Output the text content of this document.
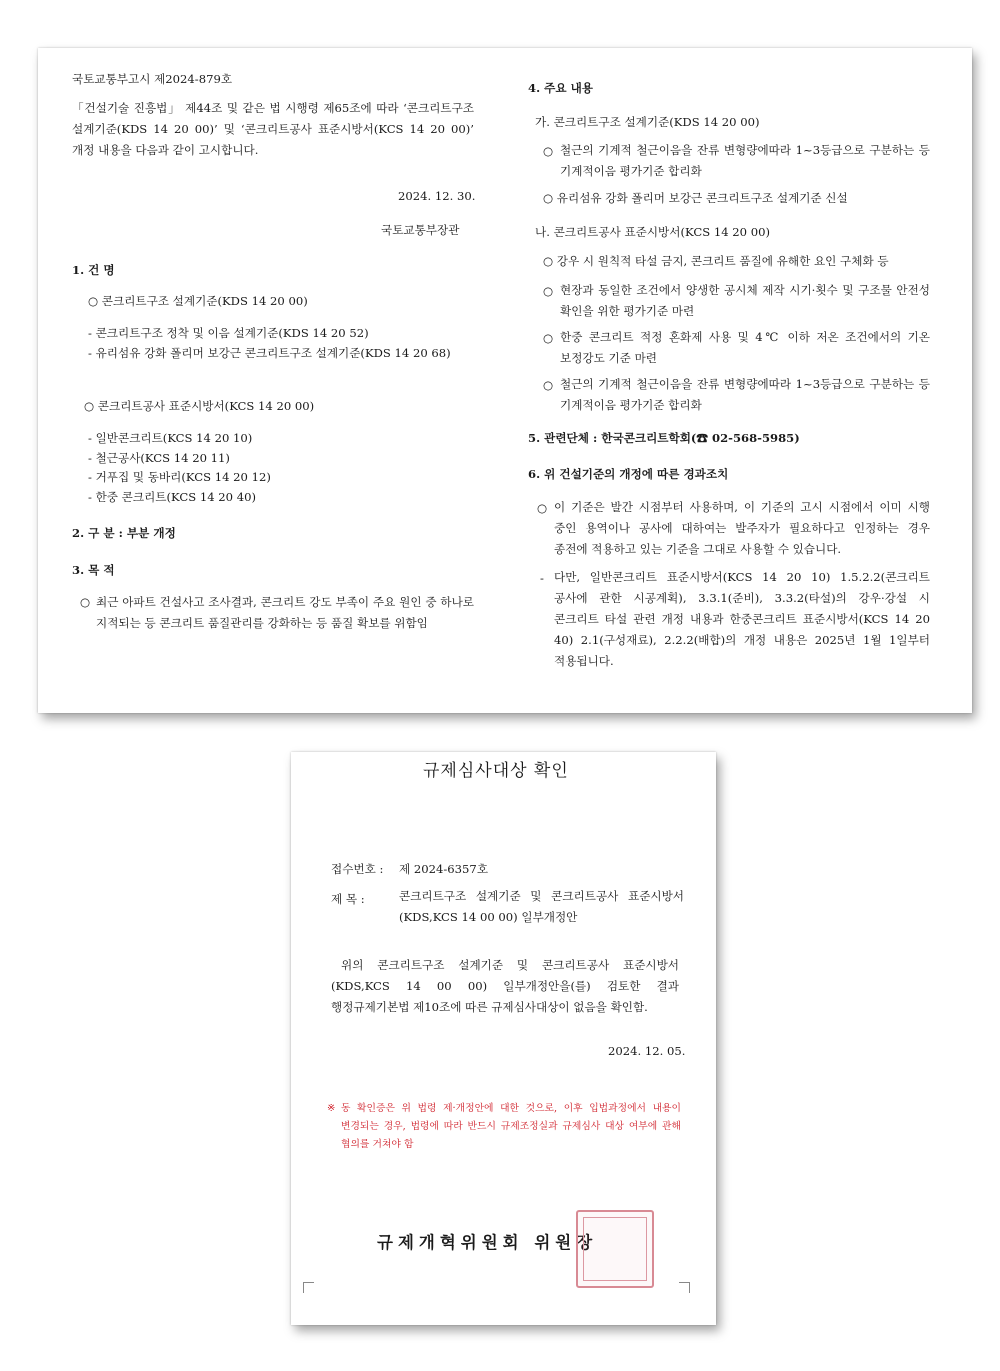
국토교통부고시 제2024-879호
「건설기술 진흥법」 제44조 및 같은 법 시행령 제65조에 따라 ‘콘크리트구조 설계기준(KDS 14 20 00)’ 및 ‘콘크리트공사 표준시방서(KCS 14 20 00)’ 개정 내용을 다음과 같이 고시합니다.
2024. 12. 30.
국토교통부장관
1. 건 명
○ 콘크리트구조 설계기준(KDS 14 20 00)
- 콘크리트구조 정착 및 이음 설계기준(KDS 14 20 52)
- 유리섬유 강화 폴리머 보강근 콘크리트구조 설계기준(KDS 14 20 68)
○ 콘크리트공사 표준시방서(KCS 14 20 00)
- 일반콘크리트(KCS 14 20 10)
- 철근공사(KCS 14 20 11)
- 거푸집 및 동바리(KCS 14 20 12)
- 한중 콘크리트(KCS 14 20 40)
2. 구 분 : 부분 개정
3. 목 적
○ 최근 아파트 건설사고 조사결과, 콘크리트 강도 부족이 주요 원인 중 하나로 지적되는 등 콘크리트 품질관리를 강화하는 등 품질 확보를 위함임
4. 주요 내용
가. 콘크리트구조 설계기준(KDS 14 20 00)
○ 철근의 기계적 철근이음을 잔류 변형량에따라 1~3등급으로 구분하는 등 기계적이음 평가기준 합리화
○ 유리섬유 강화 폴리머 보강근 콘크리트구조 설계기준 신설
나. 콘크리트공사 표준시방서(KCS 14 20 00)
○ 강우 시 원칙적 타설 금지, 콘크리트 품질에 유해한 요인 구체화 등
○ 현장과 동일한 조건에서 양생한 공시체 제작 시기·횟수 및 구조물 안전성 확인을 위한 평가기준 마련
○ 한중 콘크리트 적정 혼화제 사용 및 4℃ 이하 저온 조건에서의 기온 보정강도 기준 마련
○ 철근의 기계적 철근이음을 잔류 변형량에따라 1~3등급으로 구분하는 등 기계적이음 평가기준 합리화
5. 관련단체 : 한국콘크리트학회(☎ 02-568-5985)
6. 위 건설기준의 개정에 따른 경과조치
○ 이 기준은 발간 시점부터 사용하며, 이 기준의 고시 시점에서 이미 시행 중인 용역이나 공사에 대하여는 발주자가 필요하다고 인정하는 경우 종전에 적용하고 있는 기준을 그대로 사용할 수 있습니다.
- 다만, 일반콘크리트 표준시방서(KCS 14 20 10) 1.5.2.2(콘크리트 공사에 관한 시공계획), 3.3.1(준비), 3.3.2(타설)의 강우·강설 시 콘크리트 타설 관련 개정 내용과 한중콘크리트 표준시방서(KCS 14 20 40) 2.1(구성재료), 2.2.2(배합)의 개정 내용은 2025년 1월 1일부터 적용됩니다.
규제심사대상 확인
접수번호 : 제 2024-6357호
제 목 :	콘크리트구조 설계기준 및 콘크리트공사 표준시방서(KDS,KCS 14 00 00) 일부개정안
위의 콘크리트구조 설계기준 및 콘크리트공사 표준시방서(KDS,KCS 14 00 00) 일부개정안을(를) 검토한 결과 행정규제기본법 제10조에 따른 규제심사대상이 없음을 확인함.
2024. 12. 05.
※ 동 확인증은 위 법령 제·개정안에 대한 것으로, 이후 입법과정에서 내용이 변경되는 경우, 법령에 따라 반드시 규제조정실과 규제심사 대상 여부에 관해 협의를 거쳐야 함
규제개혁위원회 위원장
